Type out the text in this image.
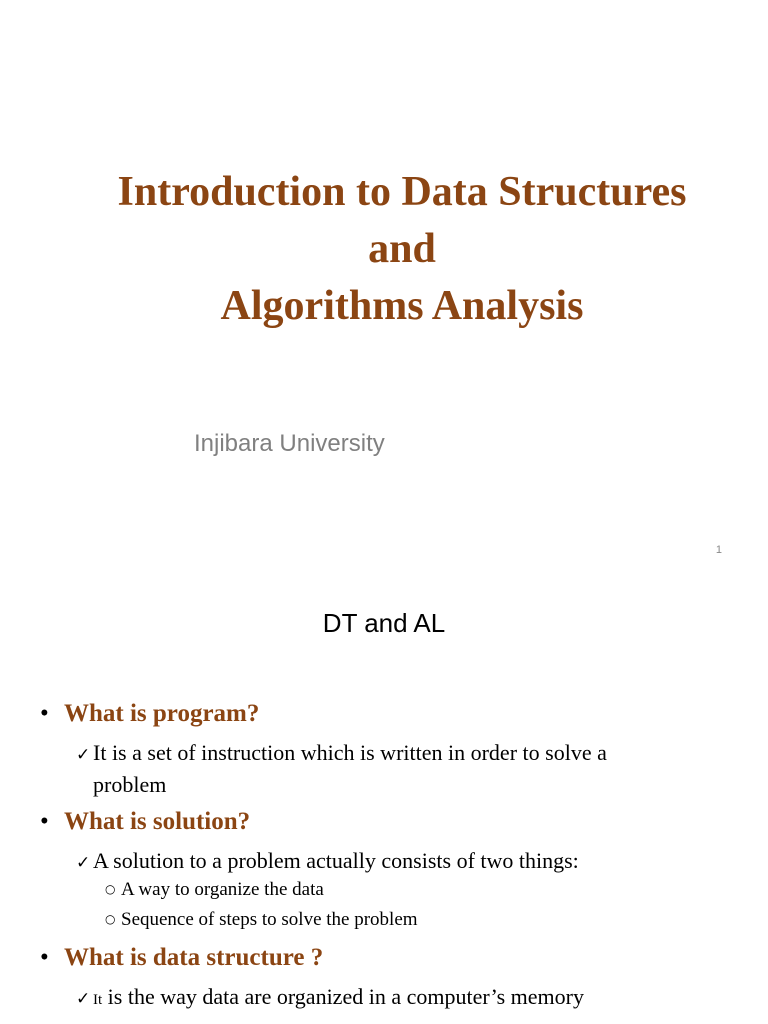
Introduction to Data Structures
and
Algorithms Analysis
Injibara University
1
DT and AL
• What is program?
✓ It is a set of instruction which is written in order to solve a
problem
• What is solution?
✓ A solution to a problem actually consists of two things:
○ A way to organize the data
○ Sequence of steps to solve the problem
• What is data structure ?
✓ It is the way data are organized in a computer’s memory
